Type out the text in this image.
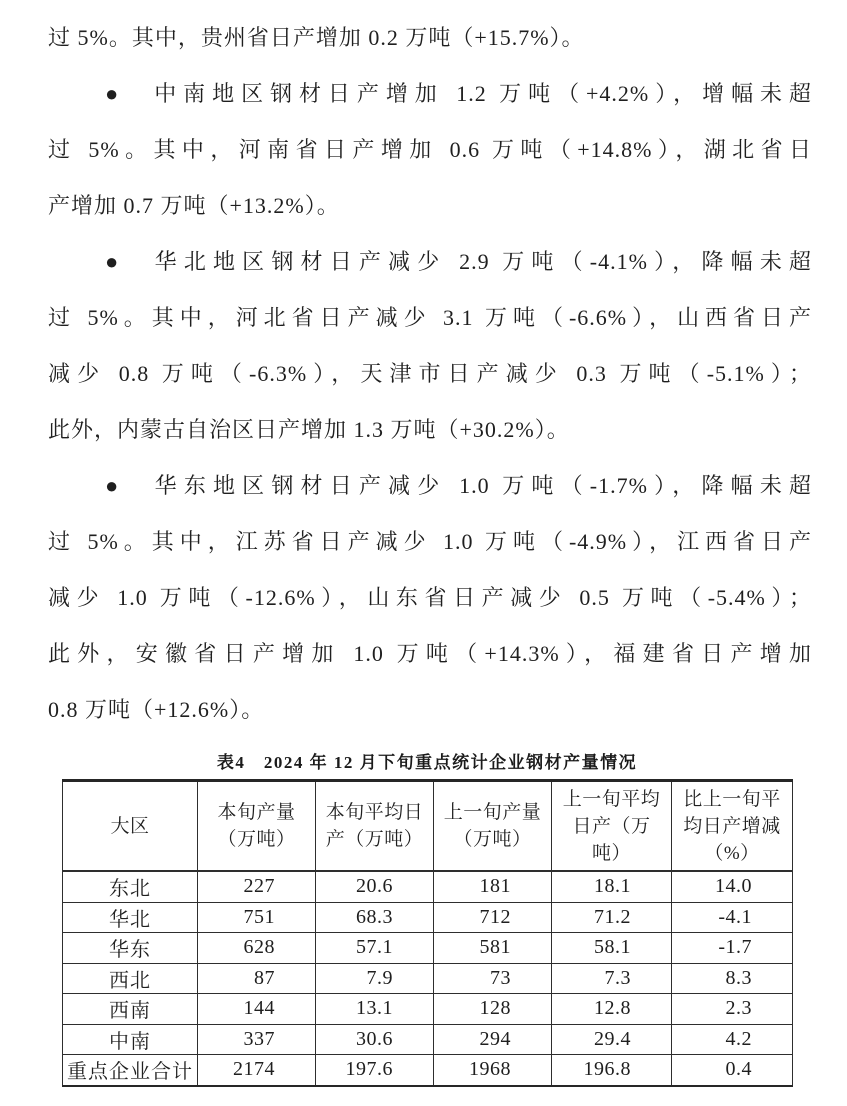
过 5%。其中，贵州省日产增加 0.2 万吨（+15.7%）。
●　中南地区钢材日产增加 1.2 万吨（+4.2%），增幅未超
过 5%。其中，河南省日产增加 0.6 万吨（+14.8%），湖北省日
产增加 0.7 万吨（+13.2%）。
●　华北地区钢材日产减少 2.9 万吨（-4.1%），降幅未超
过 5%。其中，河北省日产减少 3.1 万吨（-6.6%），山西省日产
减少 0.8 万吨（-6.3%），天津市日产减少 0.3 万吨（-5.1%）；
此外，内蒙古自治区日产增加 1.3 万吨（+30.2%）。
●　华东地区钢材日产减少 1.0 万吨（-1.7%），降幅未超
过 5%。其中，江苏省日产减少 1.0 万吨（-4.9%），江西省日产
减少 1.0 万吨（-12.6%），山东省日产减少 0.5 万吨（-5.4%）；
此外，安徽省日产增加 1.0 万吨（+14.3%），福建省日产增加
0.8 万吨（+12.6%）。
表4　2024 年 12 月下旬重点统计企业钢材产量情况
大区	本旬产量（万吨）	本旬平均日产（万吨）	上一旬产量（万吨）	上一旬平均日产（万吨）	比上一旬平均日产增减（%）
东北	227	20.6	181	18.1	14.0
华北	751	68.3	712	71.2	-4.1
华东	628	57.1	581	58.1	-1.7
西北	87	7.9	73	7.3	8.3
西南	144	13.1	128	12.8	2.3
中南	337	30.6	294	29.4	4.2
重点企业合计	2174	197.6	1968	196.8	0.4
